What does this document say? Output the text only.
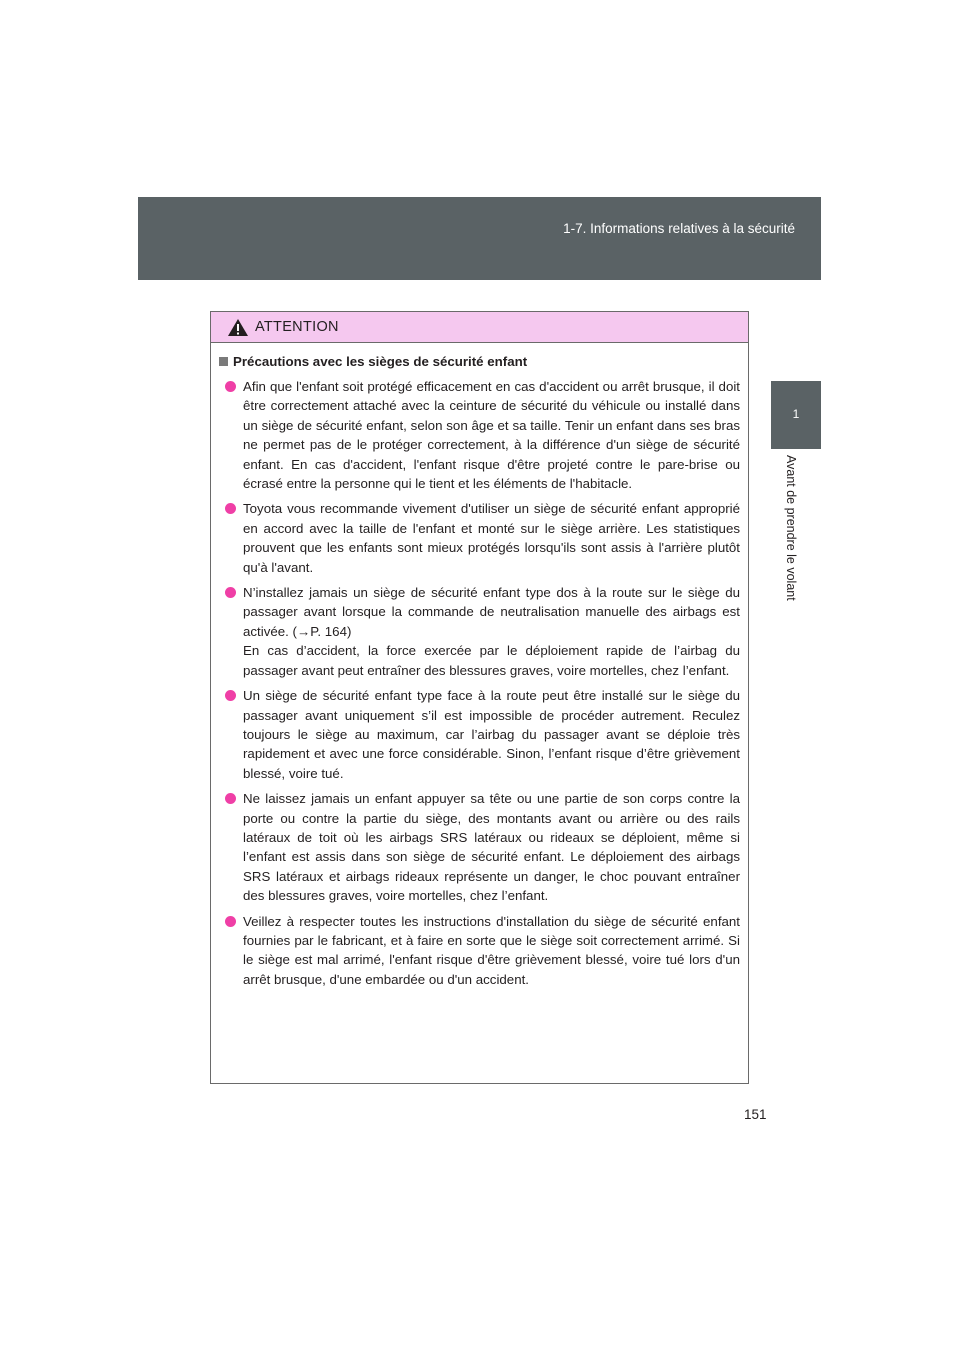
1-7. Informations relatives à la sécurité
1
Avant de prendre le volant
ATTENTION
Précautions avec les sièges de sécurité enfant
Afin que l'enfant soit protégé efficacement en cas d'accident ou arrêt brusque, il doit être correctement attaché avec la ceinture de sécurité du véhicule ou installé dans un siège de sécurité enfant, selon son âge et sa taille. Tenir un enfant dans ses bras ne permet pas de le protéger correctement, à la différence d'un siège de sécurité enfant. En cas d'accident, l'enfant risque d'être projeté contre le pare-brise ou écrasé entre la personne qui le tient et les éléments de l'habitacle.
Toyota vous recommande vivement d'utiliser un siège de sécurité enfant approprié en accord avec la taille de l'enfant et monté sur le siège arrière. Les statistiques prouvent que les enfants sont mieux protégés lorsqu'ils sont assis à l'arrière plutôt qu'à l'avant.
N’installez jamais un siège de sécurité enfant type dos à la route sur le siège du passager avant lorsque la commande de neutralisation manuelle des airbags est activée. (→P. 164)
En cas d’accident, la force exercée par le déploiement rapide de l’airbag du passager avant peut entraîner des blessures graves, voire mortelles, chez l’enfant.
Un siège de sécurité enfant type face à la route peut être installé sur le siège du passager avant uniquement s’il est impossible de procéder autrement. Reculez toujours le siège au maximum, car l’airbag du passager avant se déploie très rapidement et avec une force considérable. Sinon, l’enfant risque d’être grièvement blessé, voire tué.
Ne laissez jamais un enfant appuyer sa tête ou une partie de son corps contre la porte ou contre la partie du siège, des montants avant ou arrière ou des rails latéraux de toit où les airbags SRS latéraux ou rideaux se déploient, même si l’enfant est assis dans son siège de sécurité enfant. Le déploiement des airbags SRS latéraux et airbags rideaux représente un danger, le choc pouvant entraîner des blessures graves, voire mortelles, chez l’enfant.
Veillez à respecter toutes les instructions d'installation du siège de sécurité enfant fournies par le fabricant, et à faire en sorte que le siège soit correctement arrimé. Si le siège est mal arrimé, l'enfant risque d'être grièvement blessé, voire tué lors d'un arrêt brusque, d'une embardée ou d'un accident.
151
